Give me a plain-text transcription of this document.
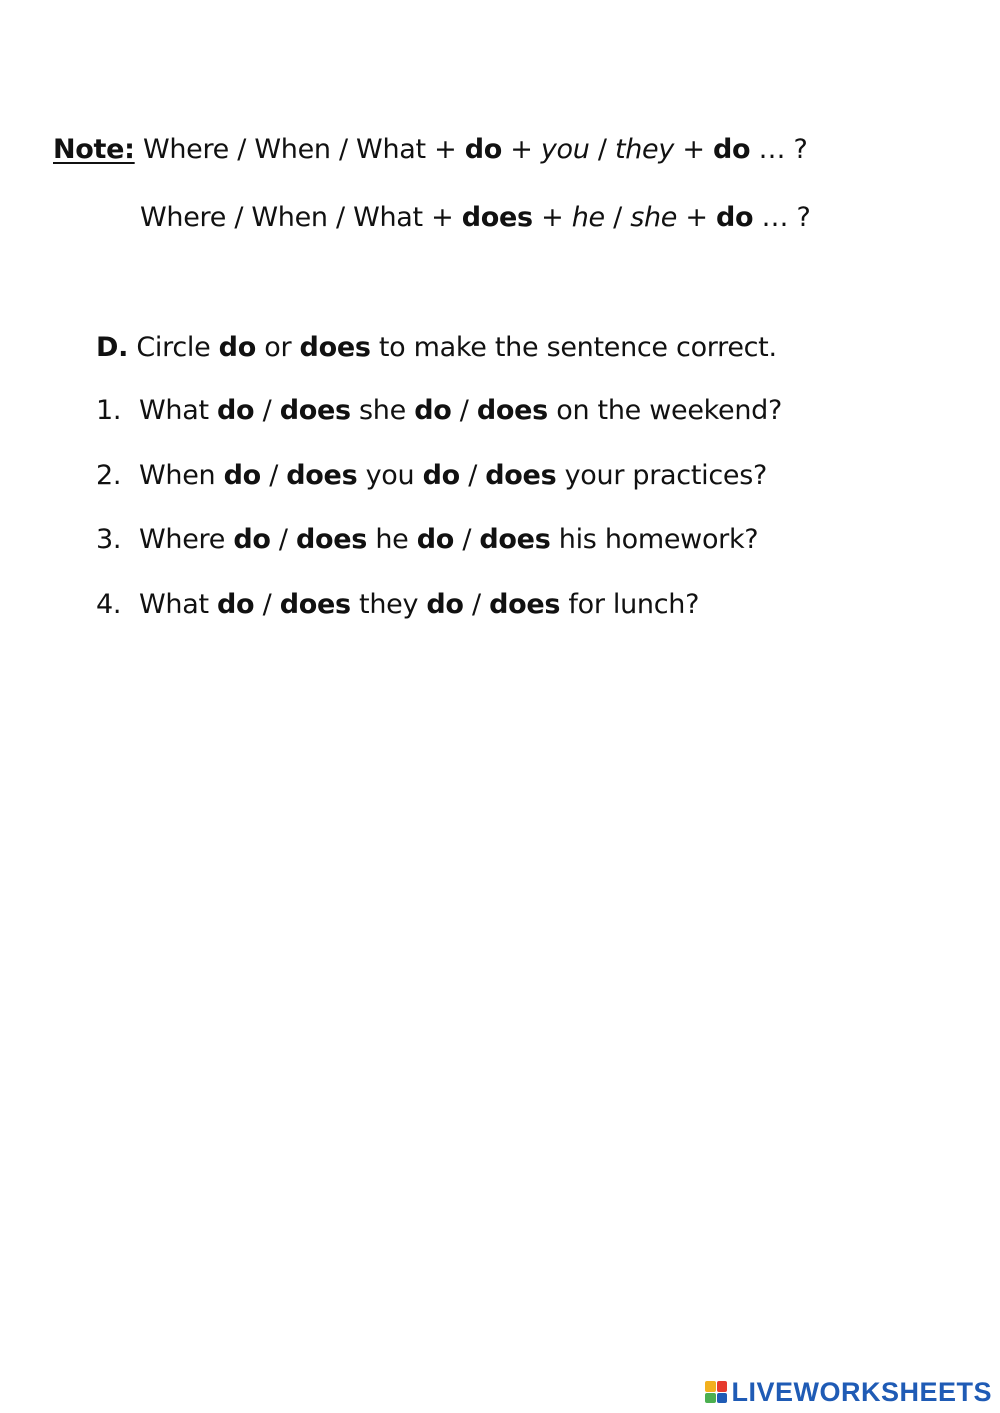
Note: Where / When / What + do + you / they + do … ?
Where / When / What + does + he / she + do … ?
D. Circle do or does to make the sentence correct.
1. What do / does she do / does on the weekend?
2. When do / does you do / does your practices?
3. Where do / does he do / does his homework?
4. What do / does they do / does for lunch?
LIVEWORKSHEETS
